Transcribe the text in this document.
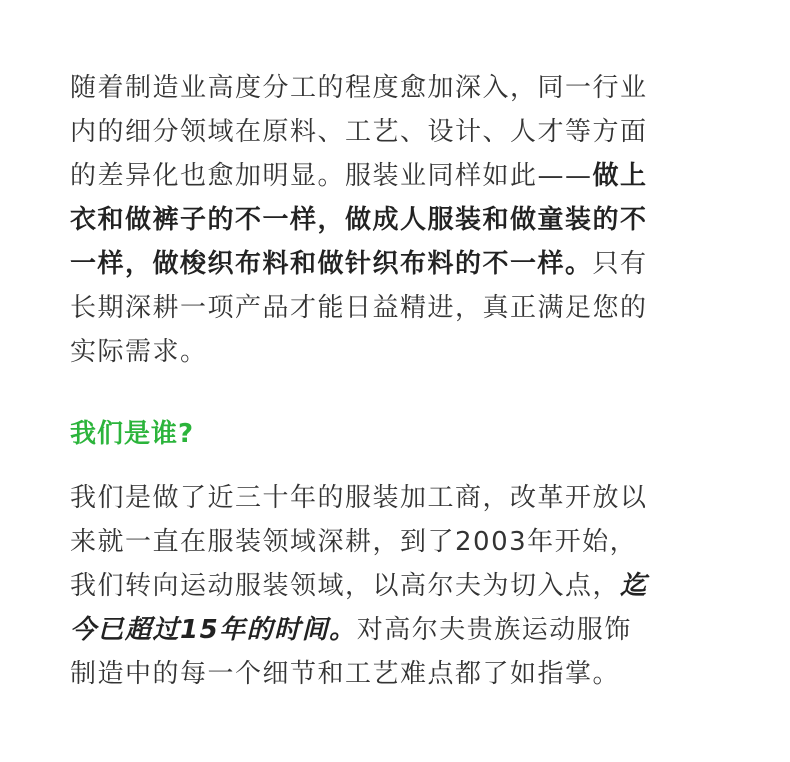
随着制造业高度分工的程度愈加深入，同一行业
内的细分领域在原料、工艺、设计、人才等方面
的差异化也愈加明显。服装业同样如此——做上
衣和做裤子的不一样，做成人服装和做童装的不
一样，做梭织布料和做针织布料的不一样。只有
长期深耕一项产品才能日益精进，真正满足您的
实际需求。

我们是谁?

我们是做了近三十年的服装加工商，改革开放以
来就一直在服装领域深耕，到了2003年开始，
我们转向运动服装领域，以高尔夫为切入点，迄
今已超过15年的时间。对高尔夫贵族运动服饰
制造中的每一个细节和工艺难点都了如指掌。
